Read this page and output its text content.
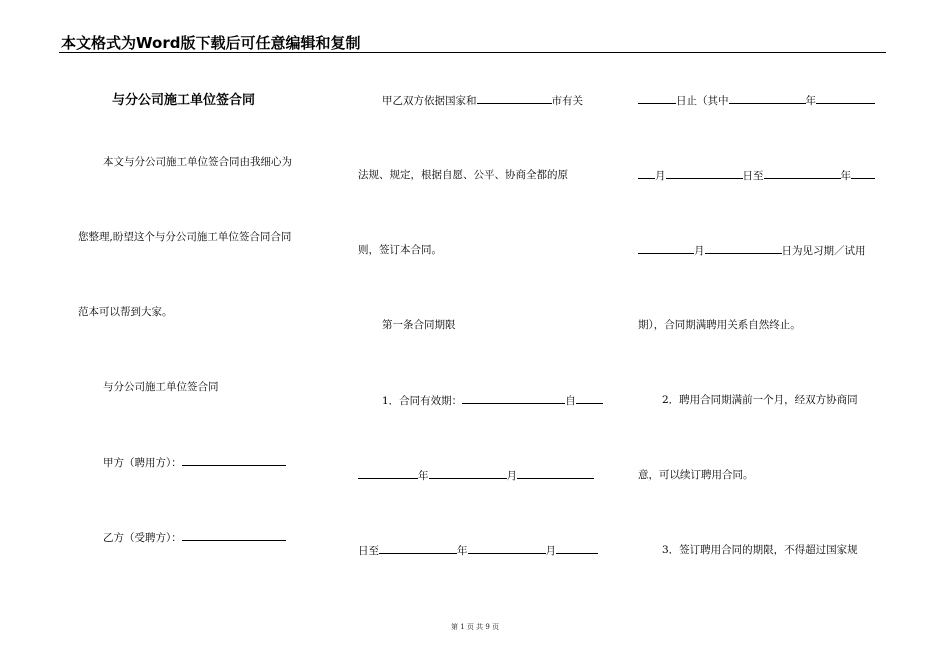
本文格式为Word版下载后可任意编辑和复制
与分公司施工单位签合同
本文与分公司施工单位签合同由我细心为
您整理,盼望这个与分公司施工单位签合同合同
范本可以帮到大家。
与分公司施工单位签合同
甲方（聘用方）：
乙方（受聘方）：
甲乙双方依据国家和	市有关
法规、规定，根据自愿、公平、协商全都的原
则，签订本合同。
第一条合同期限
1．合同有效期：	自
年	月
日至	年	月
日止（其中	年
月	日至	年
月	日为见习期／试用
期），合同期满聘用关系自然终止。
2．聘用合同期满前一个月，经双方协商同
意，可以续订聘用合同。
3．签订聘用合同的期限，不得超过国家规
第 1 页 共 9 页
